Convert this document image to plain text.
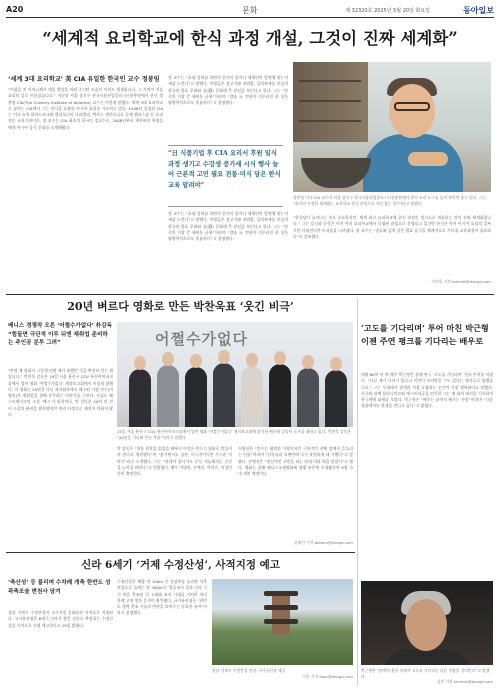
A20	문화	제 32320호 2025년 5월 20일 화요일	동아일보
“세계적 요리학교에 한식 과정 개설, 그것이 진짜 세계화”
‘세계 3대 요리학교’ 美 CIA 유일한 한국인 교수 정봉임

“어렸을 적 어머니께서 매일 밥상을 차려 주시던 모습이 아직도 생생합니다. 그 기억이 저를 요리의 길로 이끌었습니다.” 지난달 서울 종로구 한국식품산업클러스터진흥원에서 만난 정봉임 CIA(The Culinary Institute of America) 교수는 이렇게 말했다. 세계 3대 요리학교로 꼽히는 CIA에서 그는 한식을 포함한 아시아 요리를 가르치고 있다. 1946년 설립된 CIA는 미국 뉴욕 하이드파크와 캘리포니아 나파밸리, 텍사스 샌안토니오 등에 캠퍼스를 둔 요리 전문 교육기관이다. 정 교수는 CIA 최초의 한국인 정교수로, 2008년부터 재직하며 학생들에게 아시아 음식 문화를 소개해왔다.

정 교수는 “요리 강의를 하면서 한식이 얼마나 세계인의 입맛에 맞는지 새삼 느낀다”고 말했다. 학생들은 불고기와 비빔밥, 김치찌개를 만들며 한국의 발효 문화와 장(醬) 문화에 큰 관심을 보인다고 한다. 그는 “한식의 가장 큰 매력은 균형”이라며 “밥과 국, 반찬이 어우러진 한 상은 영양학적으로도 훌륭하다”고 설명했다.

“日 식품기업 후 CIA 요리서 후원 일식 과정 생기고 수강생 증가세 시식 행사 늘어 근본적 고민 필요 전통·미식 담은 한식교육 알려야”

정 교수는 “요리 강의를 하면서 한식이 얼마나 세계인의 입맛에 맞는지 새삼 느낀다”고 말했다. 학생들은 불고기와 비빔밥, 김치찌개를 만들며 한국의 발효 문화와 장(醬) 문화에 큰 관심을 보인다고 한다. 그는 “한식의 가장 큰 매력은 균형”이라며 “밥과 국, 반찬이 어우러진 한 상은 영양학적으로도 훌륭하다”고 설명했다.

정봉임 미국 CIA 교수가 서울 종로구 한국식품산업클러스터진흥원에서 한식 조리 도구를 들어 보이며 웃고 있다. 그는 “한식의 진정한 세계화는 요리학교 정규 과정으로 자리 잡는 것”이라고 말했다.

“한식당이 늘어나는 것도 중요하지만, 세계 최고 요리학교에 한식 과정이 정식으로 개설되는 것이 진짜 세계화입니다.” 그는 일식과 중식은 이미 여러 요리학교에서 독립된 과정으로 운영되고 있지만 한식은 아직 아시아 요리의 일부로만 다뤄진다며 아쉬움을 나타냈다. 정 교수는 “장류와 김치 같은 발효 음식을 체계적으로 가르칠 교육과정이 필요하다”고 강조했다.

이지윤 기자 leemail@donga.com
20년 벼르다 영화로 만든 박찬욱표 ‘웃긴 비극’
베니스 경쟁작 오른 ‘어쩔수가없다’ 朴감독 “힘들면 극단적 이루 뒤엔 재취업 준비하는 주인공 분투 그려”

“만약 제 영화가 그렇게 되면 제가 원했던 것을 완전히 얻는 셈입니다.” 박찬욱 감독은 19일 서울 용산구 CGV 용산아이파크몰에서 열린 영화 ‘어쩔수가없다’ 제작보고회에서 이렇게 말했다. 이 영화는 25년간 다닌 제지회사에서 해고된 가장 만수(이병헌)가 재취업을 위해 분투하는 이야기를 그린다. 도널드 웨스트레이크의 소설 ‘액스’가 원작이다. 박 감독은 20여 년 전 이 소설의 판권을 확보했지만 여러 사정으로 제작이 미뤄져 왔다.

어쩔수가없다
19일 서울 용산구 CGV 용산아이파크몰에서 열린 영화 ‘어쩔수가없다’ 제작보고회에 참석한 배우와 감독이 포즈를 취하고 있다. 박찬욱 감독은 “20년을 기다려 만든 작품”이라고 말했다.

박 감독은 “처음 원작을 읽었을 때부터 이것은 반드시 영화로 만들어야 한다고 생각했다”며 “웃기면서도 슬픈, 비극적이지만 우스운 이야기”라고 소개했다. 그는 “관객이 웃다가도 문득 서늘해지는 순간을 느끼길 바란다”고 덧붙였다. 배우 이병헌, 손예진, 박희순, 이성민 등이 출연한다.

이병헌은 “만수는 평범한 가장이지만 극단적인 선택 앞에서 흔들리는 인물”이라며 “감독님과 오랜만에 다시 작업하게 돼 기뻤다”고 말했다. 손예진은 “현실적인 고민을 하는 아내 미리 역을 맡았다”고 했다. 영화는 올해 베니스국제영화제 경쟁 부문에 초청됐으며 9월 국내 개봉 예정이다.

김태언 기자 beborn@donga.com
‘고도를 기다리며’ 투어 마친 박근형 이젠 주연 평크를 기다리는 배우로

데뷔 60여 년 차 배우 박근형은 올해 연극 ‘고도를 기다리며’ 전국 투어를 마쳤다. “사실 제가 나이가 있으니 이번이 마지막일 수도 있다는 생각으로 임했습니다.” 그는 무대에서 관객과 직접 호흡하는 순간이 가장 행복하다고 말했다. 신구와 함께 블라디미르와 에스트라공을 연기한 그는 매 회차 매진을 기록하며 연극계에 화제를 모았다. 박근형은 “배우는 끝까지 배우는 사람”이라며 “다음 작품에서도 관객을 만나고 싶다”고 밝혔다.

박근형은 “관객의 웃음 속에서 고도를 기다리듯 다음 작품을 기다린다”고 말했다.
김민 기자 kimmin@donga.com
신라 6세기 ‘거제 수정산성’, 사적지정 예고
‘축산성’ 등 불리며 수차례 개축 한반도 성곽축조술 변천사 담겨

경남 거제시 수정산성이 국가지정 문화유산 사적으로 지정된다. 국가유산청은 6세기 신라가 쌓은 것으로 추정되는 수정산성을 사적으로 지정 예고한다고 19일 밝혔다.

수정산성은 해발 약 150m 산 정상부를 둘러싼 석축 산성으로 둘레는 약 300m다. 발굴조사 결과 신라 시기 처음 축조된 뒤 고려와 조선 시대를 거치며 여러 차례 고쳐 쌓은 흔적이 확인됐다. 국가유산청은 “한반도 성곽 축조 기술의 변천을 보여주는 중요한 유적”이라고 설명했다.

경남 거제시 수정산성 전경. 국가유산청 제공
이문 기자 door@donga.com
